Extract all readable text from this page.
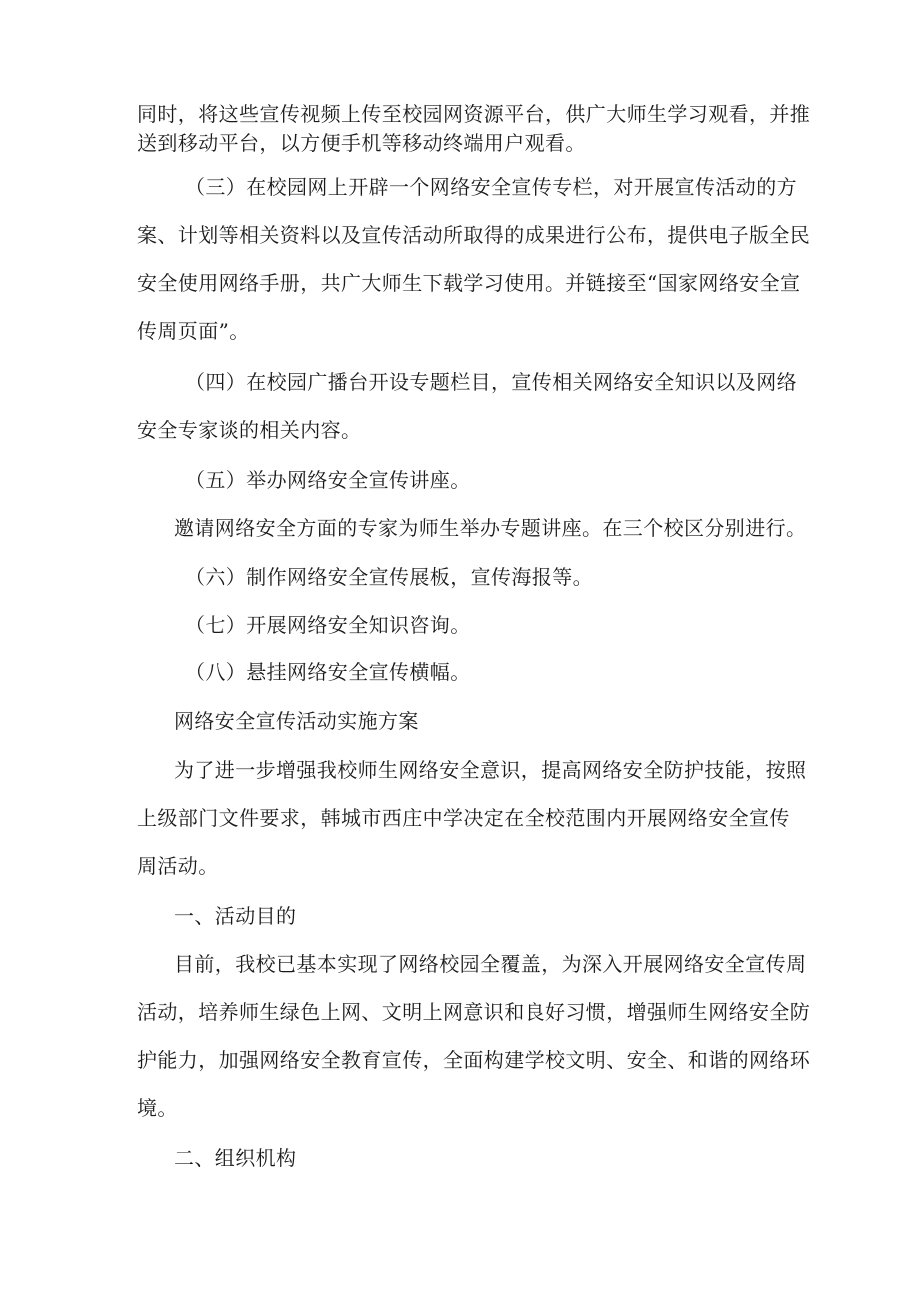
同时，将这些宣传视频上传至校园网资源平台，供广大师生学习观看，并推
送到移动平台，以方便手机等移动终端用户观看。
（三）在校园网上开辟一个网络安全宣传专栏，对开展宣传活动的方
案、计划等相关资料以及宣传活动所取得的成果进行公布，提供电子版全民
安全使用网络手册，共广大师生下载学习使用。并链接至“国家网络安全宣
传周页面”。
（四）在校园广播台开设专题栏目，宣传相关网络安全知识以及网络
安全专家谈的相关内容。
（五）举办网络安全宣传讲座。
邀请网络安全方面的专家为师生举办专题讲座。在三个校区分别进行。
（六）制作网络安全宣传展板，宣传海报等。
（七）开展网络安全知识咨询。
（八）悬挂网络安全宣传横幅。
网络安全宣传活动实施方案
为了进一步增强我校师生网络安全意识，提高网络安全防护技能，按照
上级部门文件要求，韩城市西庄中学决定在全校范围内开展网络安全宣传
周活动。
一、活动目的
目前，我校已基本实现了网络校园全覆盖，为深入开展网络安全宣传周
活动，培养师生绿色上网、文明上网意识和良好习惯，增强师生网络安全防
护能力，加强网络安全教育宣传，全面构建学校文明、安全、和谐的网络环
境。
二、组织机构
